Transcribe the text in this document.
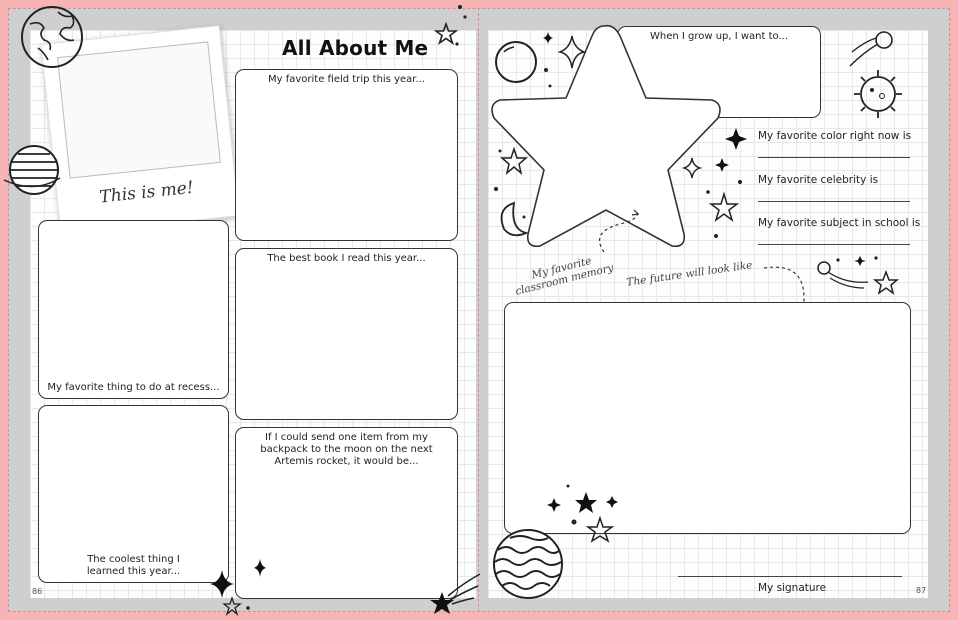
All About Me
This is me!
My favorite field trip this year...
The best book I read this year...
My favorite thing to do at recess...
The coolest thing I learned this year...
If I could send one item from my backpack to the moon on the next Artemis rocket, it would be...
86
When I grow up, I want to...
My favorite color right now is
My favorite celebrity is
My favorite subject in school is
My favorite classroom memory	The future will look like
My signature	87
